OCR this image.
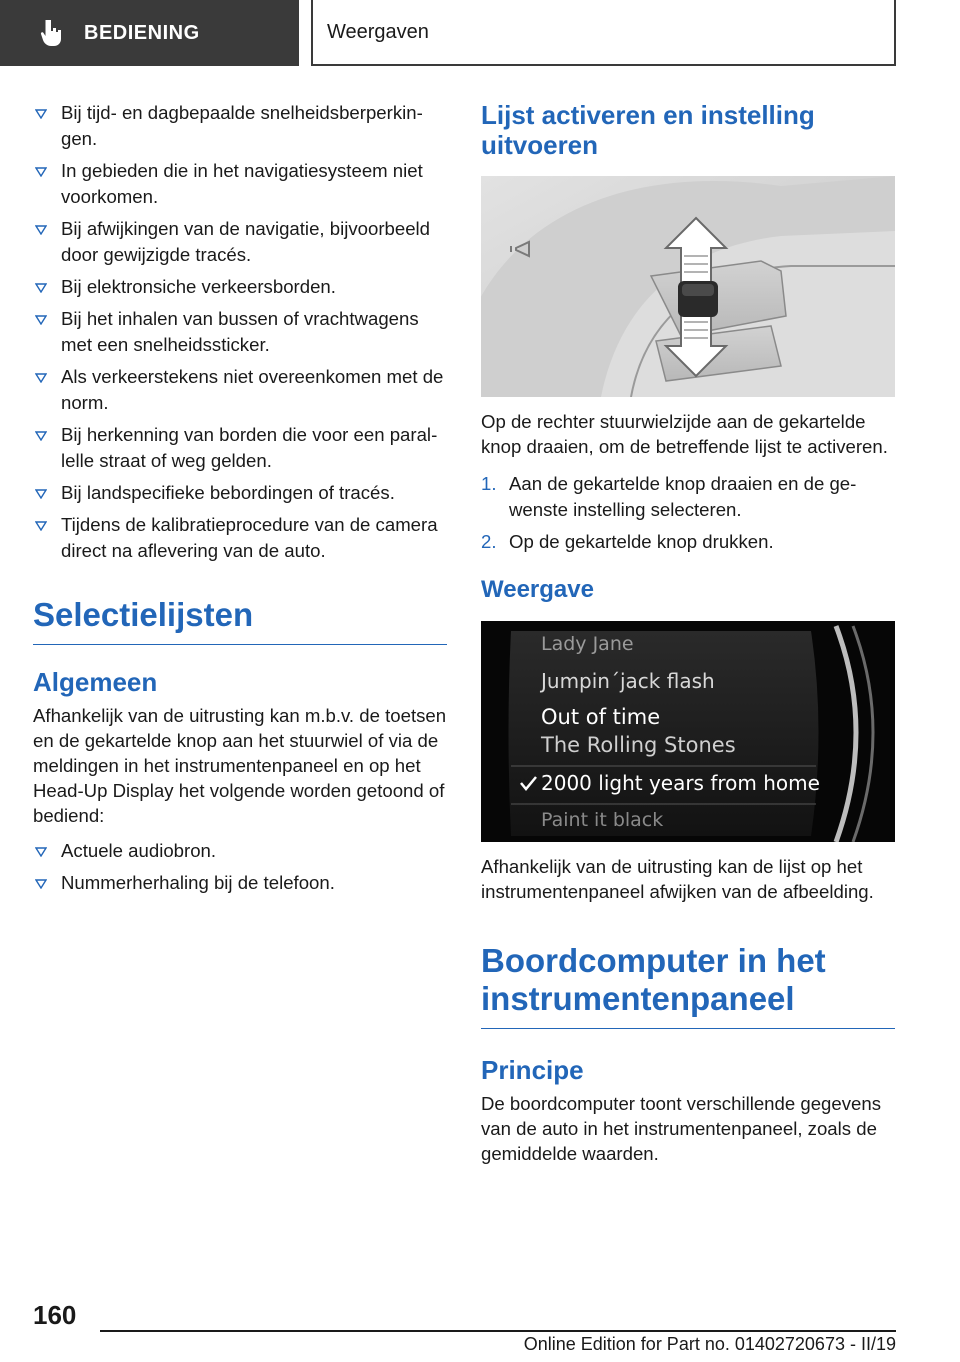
BEDIENING	Weergaven
Bij tijd- en dagbepaalde snelheidsberperkingen.
In gebieden die in het navigatiesysteem niet voorkomen.
Bij afwijkingen van de navigatie, bijvoorbeeld door gewijzigde tracés.
Bij elektronsiche verkeersborden.
Bij het inhalen van bussen of vrachtwagens met een snelheidssticker.
Als verkeerstekens niet overeenkomen met de norm.
Bij herkenning van borden die voor een parallelle straat of weg gelden.
Bij landspecifieke bebordingen of tracés.
Tijdens de kalibratieprocedure van de camera direct na aflevering van de auto.
Selectielijsten
Algemeen

Afhankelijk van de uitrusting kan m.b.v. de toetsen en de gekartelde knop aan het stuurwiel of via de meldingen in het instrumentenpaneel en op het Head-Up Display het volgende worden getoond of bediend:

Actuele audiobron.
Nummerherhaling bij de telefoon.
Lijst activeren en instelling uitvoeren

Op de rechter stuurwielzijde aan de gekartelde knop draaien, om de betreffende lijst te activeren.

1. Aan de gekartelde knop draaien en de gewenste instelling selecteren.
2. Op de gekartelde knop drukken.
Weergave
Lady Jane
Jumpin´jack flash
Out of time
The Rolling Stones
2000 light years from home
Paint it black

Afhankelijk van de uitrusting kan de lijst op het instrumentenpaneel afwijken van de afbeelding.

Boordcomputer in het instrumentenpaneel
Principe

De boordcomputer toont verschillende gegevens van de auto in het instrumentenpaneel, zoals de gemiddelde waarden.

160
Online Edition for Part no. 01402720673 - II/19
